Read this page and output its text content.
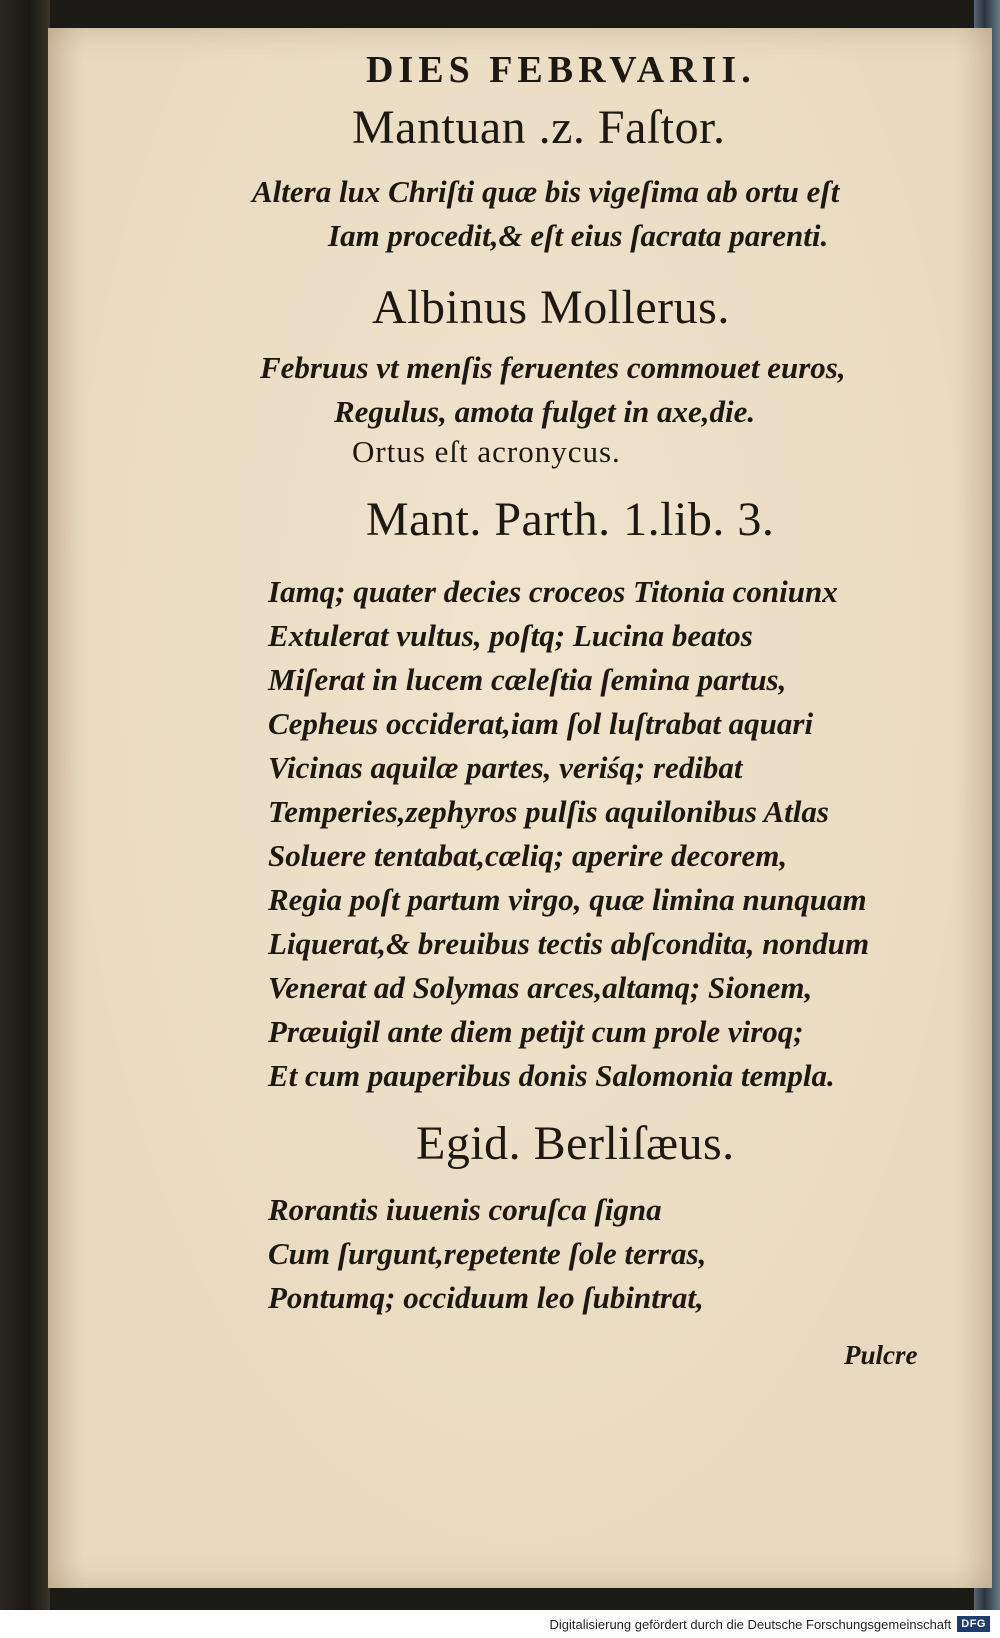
DIES FEBRVARII.
Mantuan .z. Faſtor.
Altera lux Chriſti quæ bis vigeſima ab ortu eſt
Iam procedit,& eſt eius ſacrata parenti.
Albinus Mollerus.
Februus vt menſis feruentes commouet euros,
Regulus, amota fulget in axe,die.
Ortus eſt acronycus.
Mant. Parth. 1.lib. 3.
Iamq; quater decies croceos Titonia coniunx
Extulerat vultus, poſtq; Lucina beatos
Miſerat in lucem cæleſtia ſemina partus,
Cepheus occiderat,iam ſol luſtrabat aquari
Vicinas aquilæ partes, veriśq; redibat
Temperies,zephyros pulſis aquilonibus Atlas
Soluere tentabat,cæliq; aperire decorem,
Regia poſt partum virgo, quæ limina nunquam
Liquerat,& breuibus tectis abſcondita, nondum
Venerat ad Solymas arces,altamq; Sionem,
Præuigil ante diem petijt cum prole viroq;
Et cum pauperibus donis Salomonia templa.
Egid. Berliſæus.
Rorantis iuuenis coruſca ſigna
Cum ſurgunt,repetente ſole terras,
Pontumq; occiduum leo ſubintrat,
Pulcre
Digitalisierung gefördert durch die Deutsche Forschungsgemeinschaft DFG
